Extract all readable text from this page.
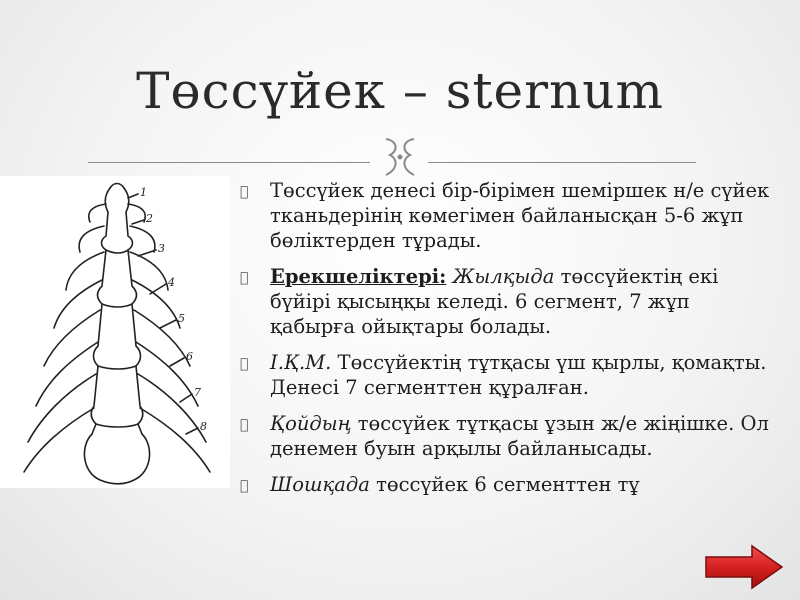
Төссүйек – sternum
1
2
3
4
5
6
7
8
Төссүйек денесі бір-бірімен шеміршек н/е сүйек тканьдерінің көмегімен байланысқан 5-6 жұп бөліктерден тұрады.
Ерекшеліктері: Жылқыда төссүйектің екі бүйірі қысыңқы келеді. 6 сегмент, 7 жұп қабырға ойықтары болады.
І.Қ.М. Төссүйектің тұтқасы үш қырлы, қомақты. Денесі 7 сегменттен құралған.
Қойдың төссүйек тұтқасы ұзын ж/е жіңішке. Ол денемен буын арқылы байланысады.
Шошқада төссүйек 6 сегменттен тұ
